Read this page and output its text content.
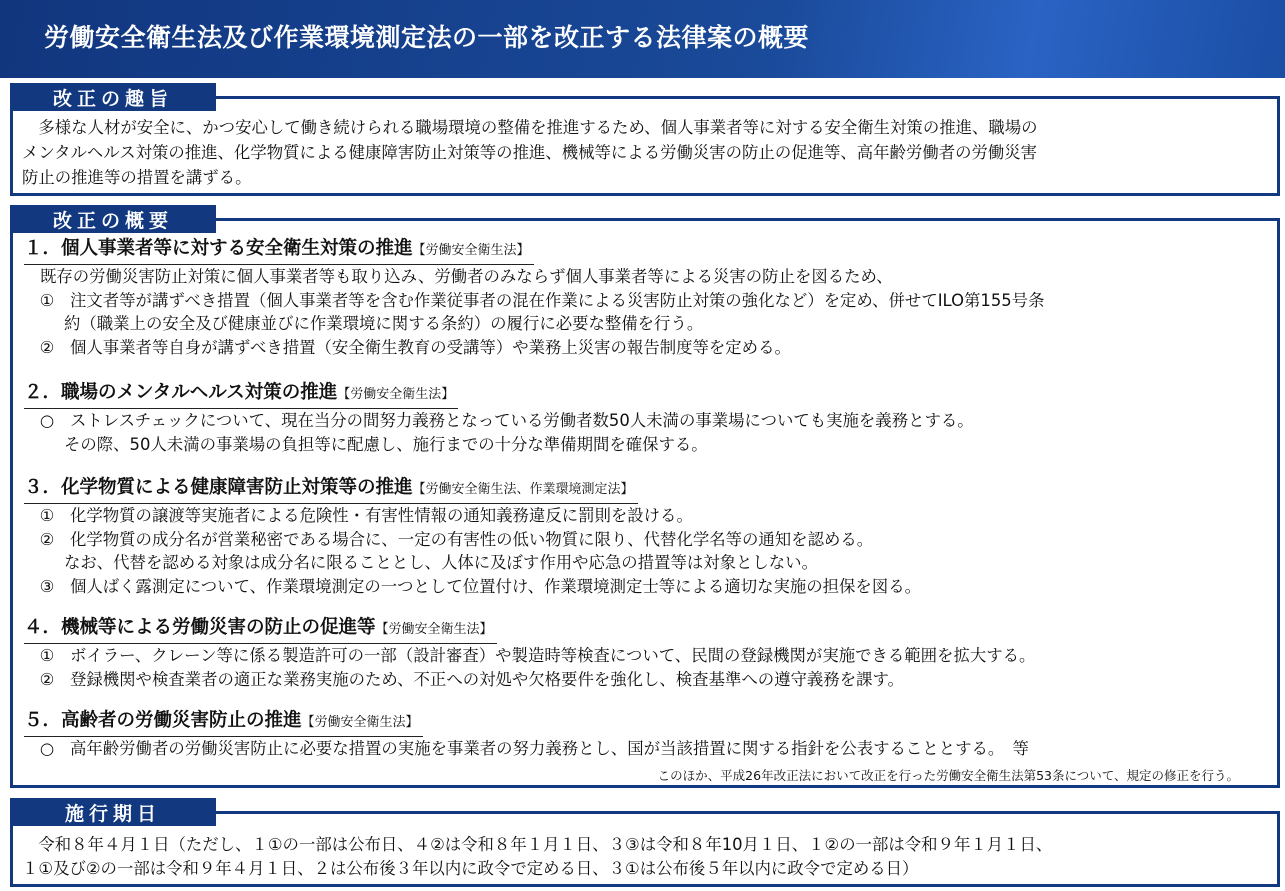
労働安全衛生法及び作業環境測定法の一部を改正する法律案の概要
改正の趣旨
　多様な人材が安全に、かつ安心して働き続けられる職場環境の整備を推進するため、個人事業者等に対する安全衛生対策の推進、職場の
メンタルヘルス対策の推進、化学物質による健康障害防止対策等の推進、機械等による労働災害の防止の促進等、高年齢労働者の労働災害
防止の推進等の措置を講ずる。
改正の概要
１．個人事業者等に対する安全衛生対策の推進【労働安全衛生法】
既存の労働災害防止対策に個人事業者等も取り込み、労働者のみならず個人事業者等による災害の防止を図るため、
① 注文者等が講ずべき措置（個人事業者等を含む作業従事者の混在作業による災害防止対策の強化など）を定め、併せてILO第155号条
約（職業上の安全及び健康並びに作業環境に関する条約）の履行に必要な整備を行う。
② 個人事業者等自身が講ずべき措置（安全衛生教育の受講等）や業務上災害の報告制度等を定める。
２．職場のメンタルヘルス対策の推進【労働安全衛生法】
○ ストレスチェックについて、現在当分の間努力義務となっている労働者数50人未満の事業場についても実施を義務とする。
その際、50人未満の事業場の負担等に配慮し、施行までの十分な準備期間を確保する。
３．化学物質による健康障害防止対策等の推進【労働安全衛生法、作業環境測定法】
① 化学物質の譲渡等実施者による危険性・有害性情報の通知義務違反に罰則を設ける。
② 化学物質の成分名が営業秘密である場合に、一定の有害性の低い物質に限り、代替化学名等の通知を認める。
なお、代替を認める対象は成分名に限ることとし、人体に及ぼす作用や応急の措置等は対象としない。
③ 個人ばく露測定について、作業環境測定の一つとして位置付け、作業環境測定士等による適切な実施の担保を図る。
４．機械等による労働災害の防止の促進等【労働安全衛生法】
① ボイラー、クレーン等に係る製造許可の一部（設計審査）や製造時等検査について、民間の登録機関が実施できる範囲を拡大する。
② 登録機関や検査業者の適正な業務実施のため、不正への対処や欠格要件を強化し、検査基準への遵守義務を課す。
５．高齢者の労働災害防止の推進【労働安全衛生法】
○ 高年齢労働者の労働災害防止に必要な措置の実施を事業者の努力義務とし、国が当該措置に関する指針を公表することとする。　等
このほか、平成26年改正法において改正を行った労働安全衛生法第53条について、規定の修正を行う。
施行期日
　令和８年４月１日（ただし、１①の一部は公布日、４②は令和８年１月１日、３③は令和８年10月１日、１②の一部は令和９年１月１日、
１①及び②の一部は令和９年４月１日、２は公布後３年以内に政令で定める日、３①は公布後５年以内に政令で定める日）
